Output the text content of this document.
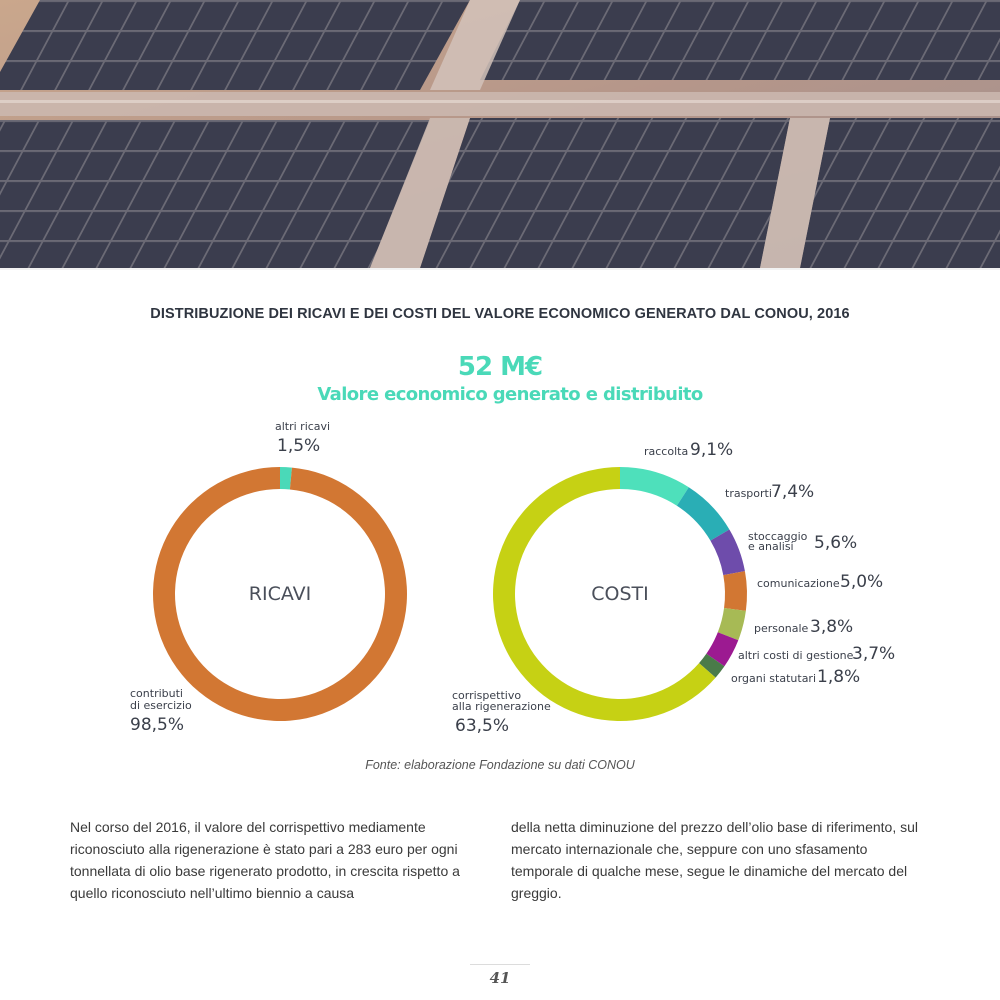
DISTRIBUZIONE DEI RICAVI E DEI COSTI DEL VALORE ECONOMICO GENERATO DAL CONOU, 2016
52 M€
Valore economico generato e distribuito
RICAVI
altri ricavi
1,5%
contributi
di esercizio
98,5%
COSTI
raccolta 9,1%
trasporti 7,4%
stoccaggio
e analisi 5,6%
comunicazione 5,0%
personale 3,8%
altri costi di gestione
3,7%
organi statutari 1,8%
corrispettivo
alla rigenerazione
63,5%
Fonte: elaborazione Fondazione su dati CONOU
Nel corso del 2016, il valore del corrispettivo mediamente riconosciuto alla rigenerazione è stato pari a 283 euro per ogni tonnellata di olio base rigenerato prodotto, in crescita rispetto a quello riconosciuto nell’ultimo biennio a causa
della netta diminuzione del prezzo dell’olio base di riferimento, sul mercato internazionale che, seppure con uno sfasamento temporale di qualche mese, segue le dinamiche del mercato del greggio.
41
